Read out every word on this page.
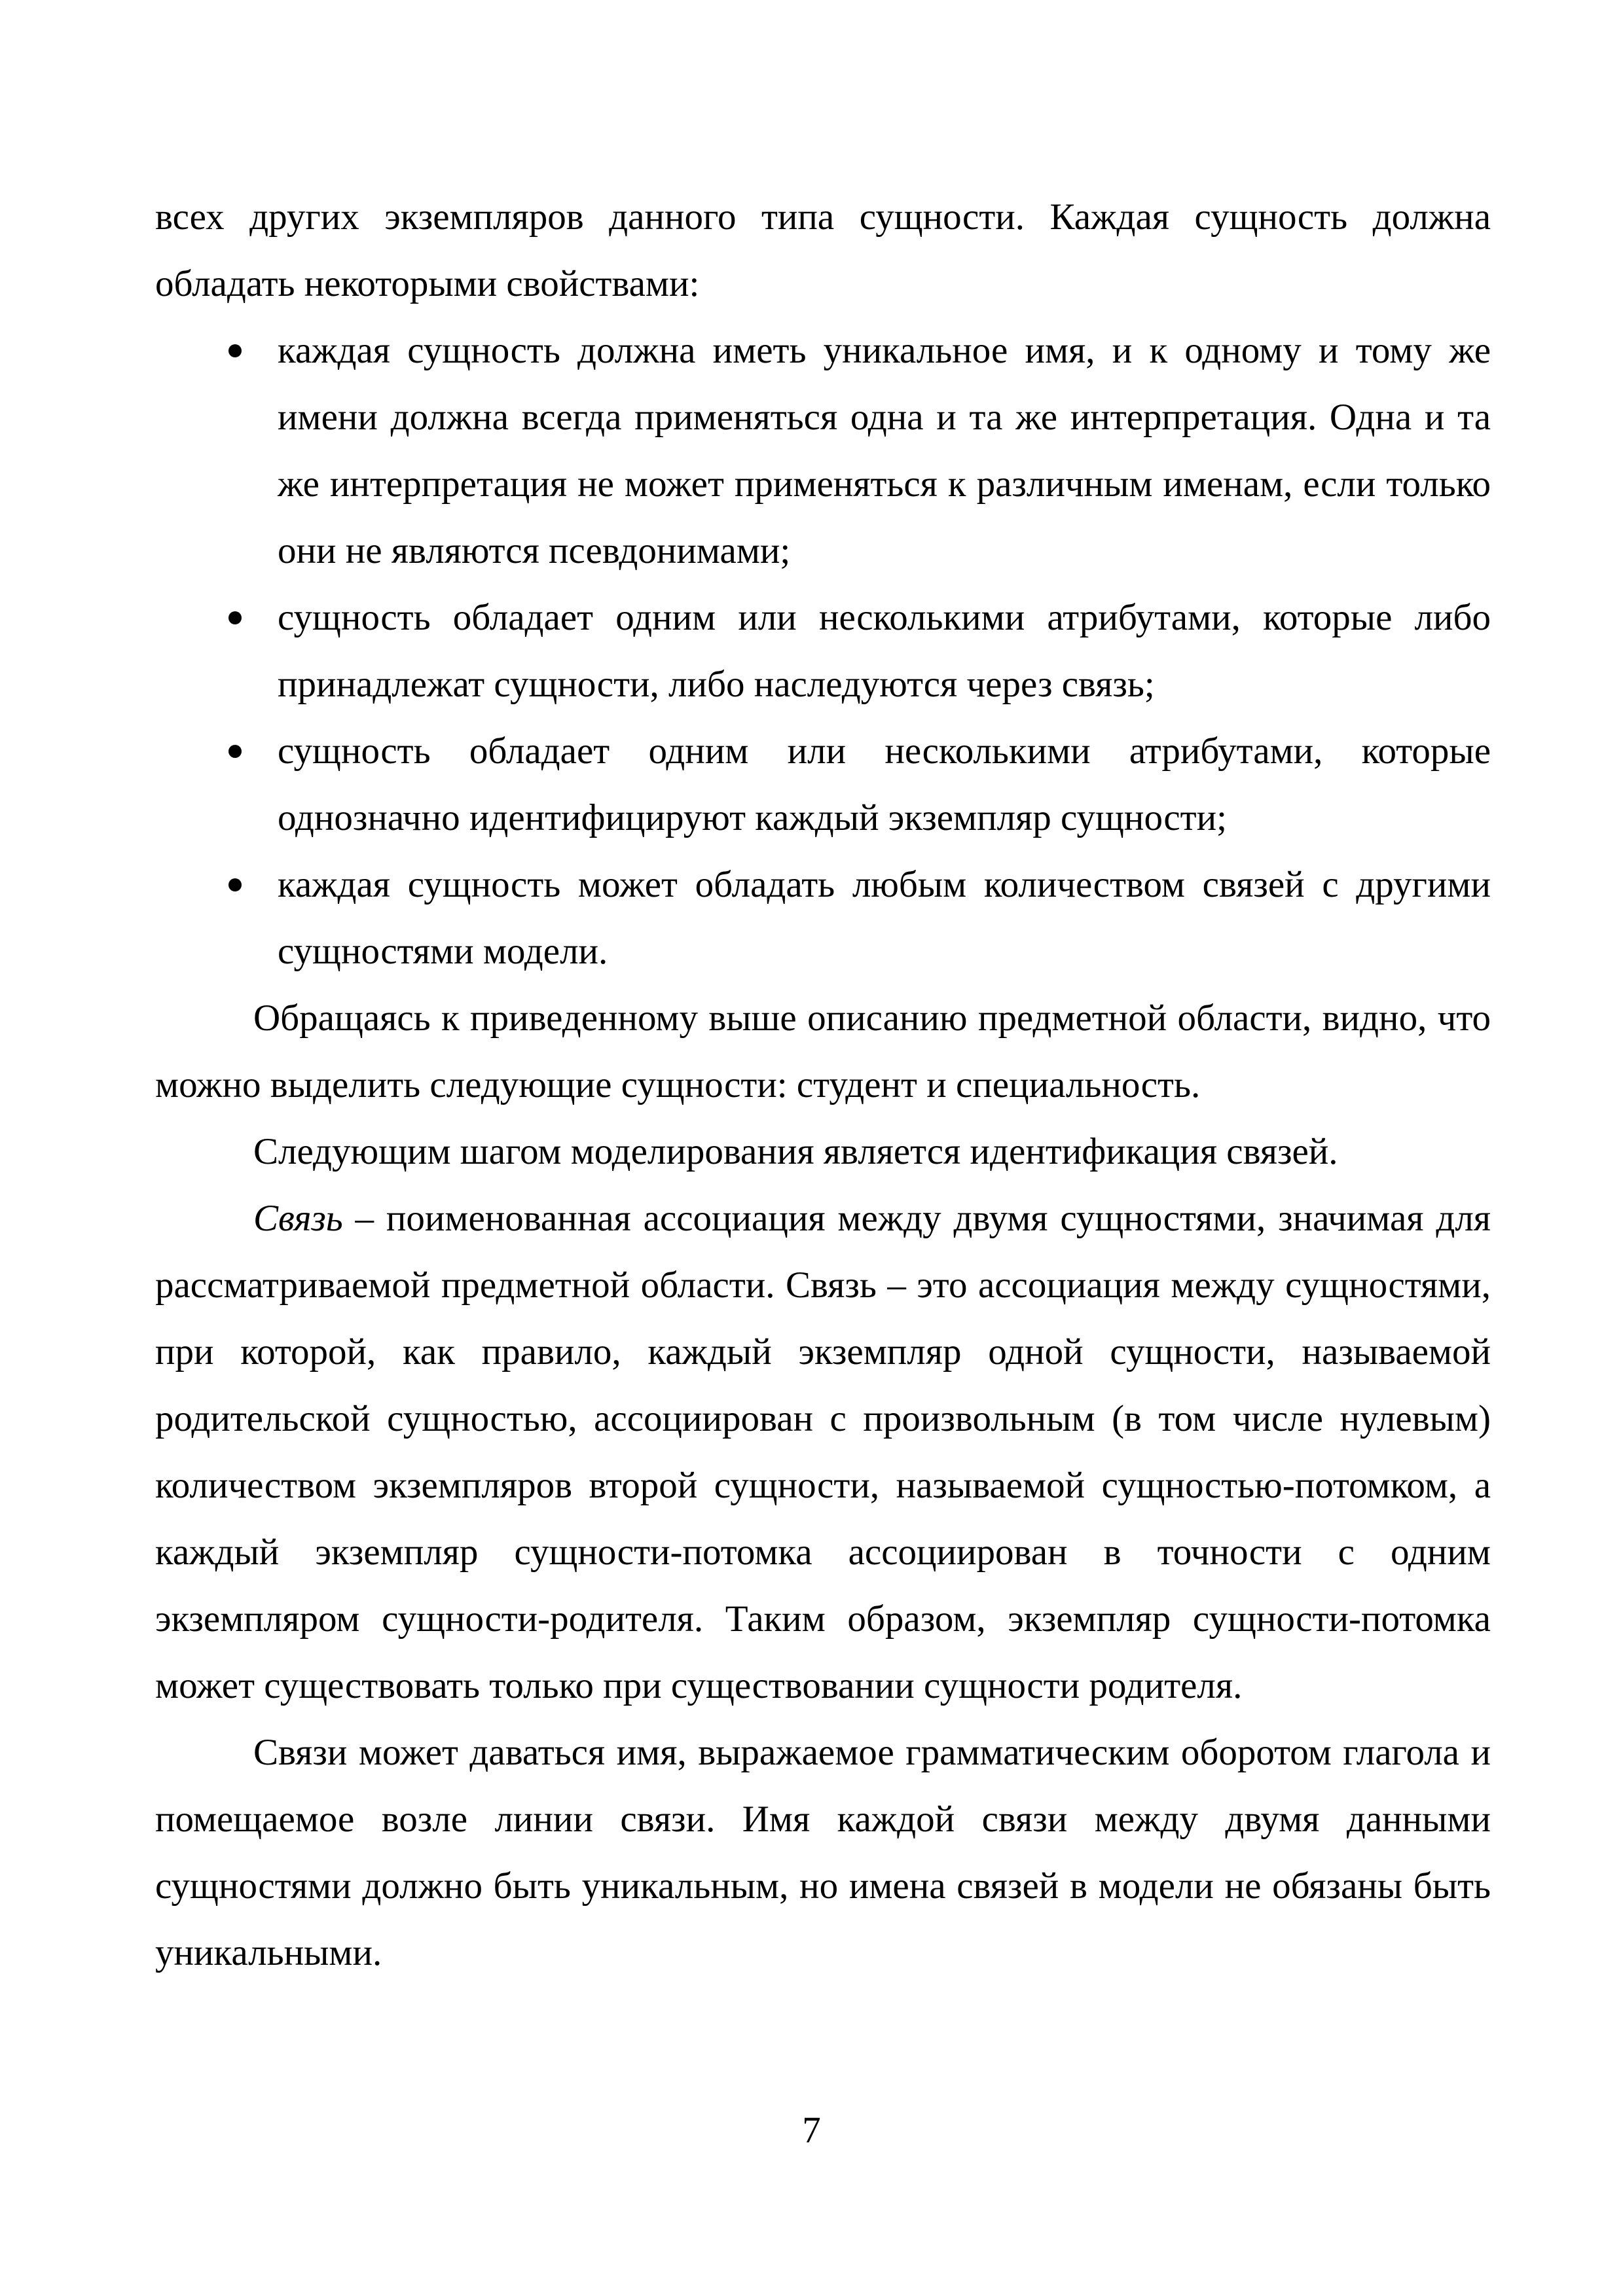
всех других экземпляров данного типа сущности. Каждая сущность должна обладать некоторыми свойствами:

каждая сущность должна иметь уникальное имя, и к одному и тому же имени должна всегда применяться одна и та же интерпретация. Одна и та же интерпретация не может применяться к различным именам, если только они не являются псевдонимами;
сущность обладает одним или несколькими атрибутами, которые либо принадлежат сущности, либо наследуются через связь;
сущность обладает одним или несколькими атрибутами, которые однозначно идентифицируют каждый экземпляр сущности;
каждая сущность может обладать любым количеством связей с другими сущностями модели.

Обращаясь к приведенному выше описанию предметной области, видно, что можно выделить следующие сущности: студент и специальность.

Следующим шагом моделирования является идентификация связей.

Связь – поименованная ассоциация между двумя сущностями, значимая для рассматриваемой предметной области. Связь – это ассоциация между сущностями, при которой, как правило, каждый экземпляр одной сущности, называемой родительской сущностью, ассоциирован с произвольным (в том числе нулевым) количеством экземпляров второй сущности, называемой сущностью-потомком, а каждый экземпляр сущности-потомка ассоциирован в точности с одним экземпляром сущности-родителя. Таким образом, экземпляр сущности-потомка может существовать только при существовании сущности родителя.

Связи может даваться имя, выражаемое грамматическим оборотом глагола и помещаемое возле линии связи. Имя каждой связи между двумя данными сущностями должно быть уникальным, но имена связей в модели не обязаны быть уникальными.

7
